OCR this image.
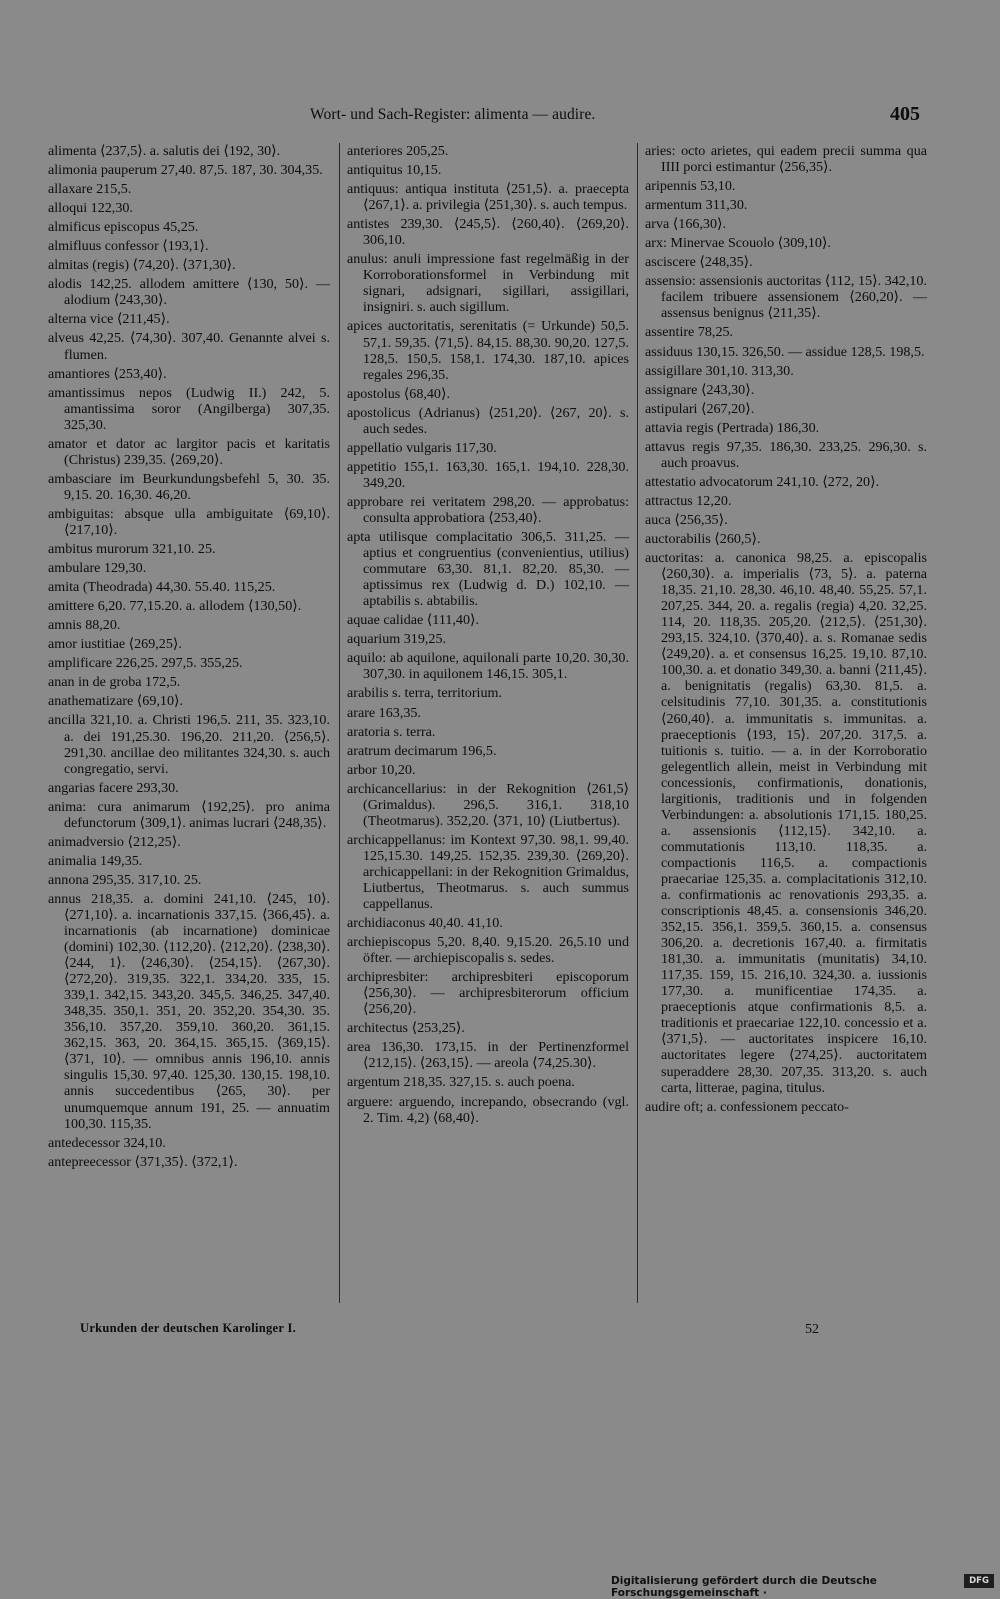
Wort- und Sach-Register: alimenta — audire.	405
alimenta ⟨237,5⟩. a. salutis dei ⟨192, 30⟩.
alimonia pauperum 27,40. 87,5. 187, 30. 304,35.
allaxare 215,5.
alloqui 122,30.
almificus episcopus 45,25.
almifluus confessor ⟨193,1⟩.
almitas (regis) ⟨74,20⟩. ⟨371,30⟩.
alodis 142,25. allodem amittere ⟨130, 50⟩. — alodium ⟨243,30⟩.
alterna vice ⟨211,45⟩.
alveus 42,25. ⟨74,30⟩. 307,40. Genannte alvei s. flumen.
amantiores ⟨253,40⟩.
amantissimus nepos (Ludwig II.) 242, 5. amantissima soror (Angilberga) 307,35. 325,30.
amator et dator ac largitor pacis et karitatis (Christus) 239,35. ⟨269,20⟩.
ambasciare im Beurkundungsbefehl 5, 30. 35. 9,15. 20. 16,30. 46,20.
ambiguitas: absque ulla ambiguitate ⟨69,10⟩. ⟨217,10⟩.
ambitus murorum 321,10. 25.
ambulare 129,30.
amita (Theodrada) 44,30. 55.40. 115,25.
amittere 6,20. 77,15.20. a. allodem ⟨130,50⟩.
amnis 88,20.
amor iustitiae ⟨269,25⟩.
amplificare 226,25. 297,5. 355,25.
anan in de groba 172,5.
anathematizare ⟨69,10⟩.
ancilla 321,10. a. Christi 196,5. 211, 35. 323,10. a. dei 191,25.30. 196,20. 211,20. ⟨256,5⟩. 291,30. ancillae deo militantes 324,30. s. auch congregatio, servi.
angarias facere 293,30.
anima: cura animarum ⟨192,25⟩. pro anima defunctorum ⟨309,1⟩. animas lucrari ⟨248,35⟩.
animadversio ⟨212,25⟩.
animalia 149,35.
annona 295,35. 317,10. 25.
annus 218,35. a. domini 241,10. ⟨245, 10⟩. ⟨271,10⟩. a. incarnationis 337,15. ⟨366,45⟩. a. incarnationis (ab incarnatione) dominicae (domini) 102,30. ⟨112,20⟩. ⟨212,20⟩. ⟨238,30⟩. ⟨244, 1⟩. ⟨246,30⟩. ⟨254,15⟩. ⟨267,30⟩. ⟨272,20⟩. 319,35. 322,1. 334,20. 335, 15. 339,1. 342,15. 343,20. 345,5. 346,25. 347,40. 348,35. 350,1. 351, 20. 352,20. 354,30. 35. 356,10. 357,20. 359,10. 360,20. 361,15. 362,15. 363, 20. 364,15. 365,15. ⟨369,15⟩. ⟨371, 10⟩. — omnibus annis 196,10. annis singulis 15,30. 97,40. 125,30. 130,15. 198,10. annis succedentibus ⟨265, 30⟩. per unumquemque annum 191, 25. — annuatim 100,30. 115,35.
antedecessor 324,10.
antepreecessor ⟨371,35⟩. ⟨372,1⟩.
anteriores 205,25.
antiquitus 10,15.
antiquus: antiqua instituta ⟨251,5⟩. a. praecepta ⟨267,1⟩. a. privilegia ⟨251,30⟩. s. auch tempus.
antistes 239,30. ⟨245,5⟩. ⟨260,40⟩. ⟨269,20⟩. 306,10.
anulus: anuli impressione fast regelmäßig in der Korroborationsformel in Verbindung mit signari, adsignari, sigillari, assigillari, insigniri. s. auch sigillum.
apices auctoritatis, serenitatis (= Urkunde) 50,5. 57,1. 59,35. ⟨71,5⟩. 84,15. 88,30. 90,20. 127,5. 128,5. 150,5. 158,1. 174,30. 187,10. apices regales 296,35.
apostolus ⟨68,40⟩.
apostolicus (Adrianus) ⟨251,20⟩. ⟨267, 20⟩. s. auch sedes.
appellatio vulgaris 117,30.
appetitio 155,1. 163,30. 165,1. 194,10. 228,30. 349,20.
approbare rei veritatem 298,20. — approbatus: consulta approbatiora ⟨253,40⟩.
apta utilisque complacitatio 306,5. 311,25. — aptius et congruentius (convenientius, utilius) commutare 63,30. 81,1. 82,20. 85,30. — aptissimus rex (Ludwig d. D.) 102,10. — aptabilis s. abtabilis.
aquae calidae ⟨111,40⟩.
aquarium 319,25.
aquilo: ab aquilone, aquilonali parte 10,20. 30,30. 307,30. in aquilonem 146,15. 305,1.
arabilis s. terra, territorium.
arare 163,35.
aratoria s. terra.
aratrum decimarum 196,5.
arbor 10,20.
archicancellarius: in der Rekognition ⟨261,5⟩ (Grimaldus). 296,5. 316,1. 318,10 (Theotmarus). 352,20. ⟨371, 10⟩ (Liutbertus).
archicappellanus: im Kontext 97,30. 98,1. 99,40. 125,15.30. 149,25. 152,35. 239,30. ⟨269,20⟩. archicappellani: in der Rekognition Grimaldus, Liutbertus, Theotmarus. s. auch summus cappellanus.
archidiaconus 40,40. 41,10.
archiepiscopus 5,20. 8,40. 9,15.20. 26,5.10 und öfter. — archiepiscopalis s. sedes.
archipresbiter: archipresbiteri episcoporum ⟨256,30⟩. — archipresbiterorum officium ⟨256,20⟩.
architectus ⟨253,25⟩.
area 136,30. 173,15. in der Pertinenzformel ⟨212,15⟩. ⟨263,15⟩. — areola ⟨74,25.30⟩.
argentum 218,35. 327,15. s. auch poena.
arguere: arguendo, increpando, obsecrando (vgl. 2. Tim. 4,2) ⟨68,40⟩.
aries: octo arietes, qui eadem precii summa qua IIII porci estimantur ⟨256,35⟩.
aripennis 53,10.
armentum 311,30.
arva ⟨166,30⟩.
arx: Minervae Scouolo ⟨309,10⟩.
asciscere ⟨248,35⟩.
assensio: assensionis auctoritas ⟨112, 15⟩. 342,10. facilem tribuere assensionem ⟨260,20⟩. — assensus benignus ⟨211,35⟩.
assentire 78,25.
assiduus 130,15. 326,50. — assidue 128,5. 198,5.
assigillare 301,10. 313,30.
assignare ⟨243,30⟩.
astipulari ⟨267,20⟩.
attavia regis (Pertrada) 186,30.
attavus regis 97,35. 186,30. 233,25. 296,30. s. auch proavus.
attestatio advocatorum 241,10. ⟨272, 20⟩.
attractus 12,20.
auca ⟨256,35⟩.
auctorabilis ⟨260,5⟩.
auctoritas: a. canonica 98,25. a. episcopalis ⟨260,30⟩. a. imperialis ⟨73, 5⟩. a. paterna 18,35. 21,10. 28,30. 46,10. 48,40. 55,25. 57,1. 207,25. 344, 20. a. regalis (regia) 4,20. 32,25. 114, 20. 118,35. 205,20. ⟨212,5⟩. ⟨251,30⟩. 293,15. 324,10. ⟨370,40⟩. a. s. Romanae sedis ⟨249,20⟩. a. et consensus 16,25. 19,10. 87,10. 100,30. a. et donatio 349,30. a. banni ⟨211,45⟩. a. benignitatis (regalis) 63,30. 81,5. a. celsitudinis 77,10. 301,35. a. constitutionis ⟨260,40⟩. a. immunitatis s. immunitas. a. praeceptionis ⟨193, 15⟩. 207,20. 317,5. a. tuitionis s. tuitio. — a. in der Korroboratio gelegentlich allein, meist in Verbindung mit concessionis, confirmationis, donationis, largitionis, traditionis und in folgenden Verbindungen: a. absolutionis 171,15. 180,25. a. assensionis ⟨112,15⟩. 342,10. a. commutationis 113,10. 118,35. a. compactionis 116,5. a. compactionis praecariae 125,35. a. complacitationis 312,10. a. confirmationis ac renovationis 293,35. a. conscriptionis 48,45. a. consensionis 346,20. 352,15. 356,1. 359,5. 360,15. a. consensus 306,20. a. decretionis 167,40. a. firmitatis 181,30. a. immunitatis (munitatis) 34,10. 117,35. 159, 15. 216,10. 324,30. a. iussionis 177,30. a. munificentiae 174,35. a. praeceptionis atque confirmationis 8,5. a. traditionis et praecariae 122,10. concessio et a. ⟨371,5⟩. — auctoritates inspicere 16,10. auctoritates legere ⟨274,25⟩. auctoritatem superaddere 28,30. 207,35. 313,20. s. auch carta, litterae, pagina, titulus.
audire oft; a. confessionem peccato-
Urkunden der deutschen Karolinger I.	52
Digitalisierung gefördert durch die Deutsche Forschungsgemeinschaft ·
DFG
